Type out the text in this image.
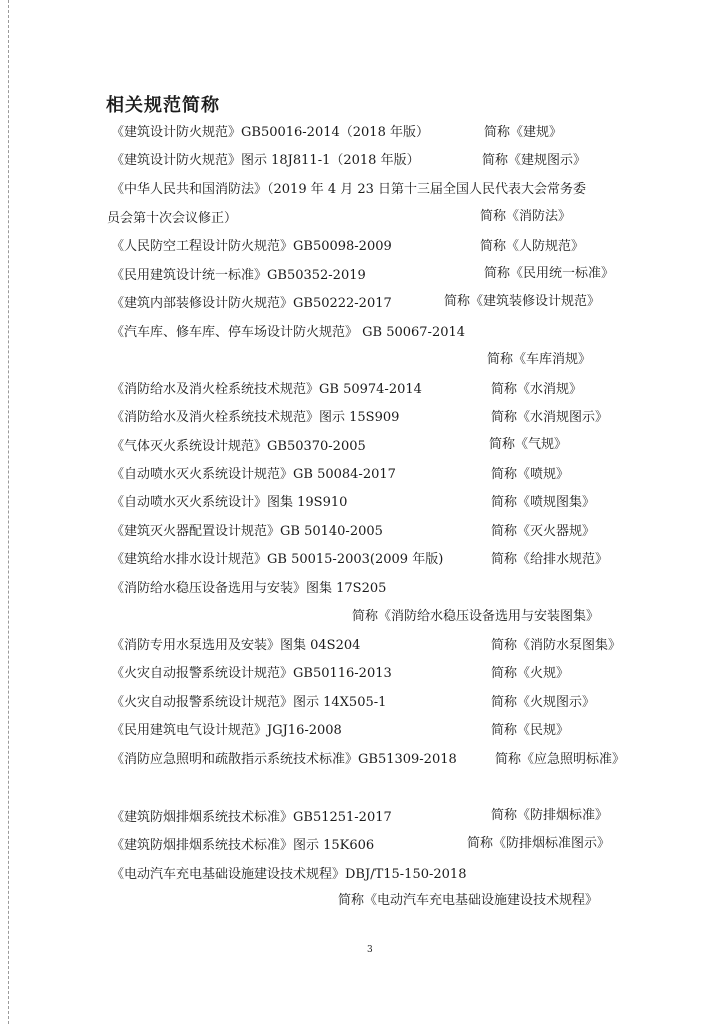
相关规范简称
《建筑设计防火规范》GB50016-2014（2018 年版）	简称《建规》
《建筑设计防火规范》图示 18J811-1（2018 年版）	简称《建规图示》
《中华人民共和国消防法》（2019 年 4 月 23 日第十三届全国人民代表大会常务委
员会第十次会议修正）	简称《消防法》
《人民防空工程设计防火规范》GB50098-2009	简称《人防规范》
《民用建筑设计统一标准》GB50352-2019	简称《民用统一标准》
《建筑内部装修设计防火规范》GB50222-2017	简称《建筑装修设计规范》
《汽车库、修车库、停车场设计防火规范》 GB 50067-2014
简称《车库消规》
《消防给水及消火栓系统技术规范》GB 50974-2014	简称《水消规》
《消防给水及消火栓系统技术规范》图示 15S909	简称《水消规图示》
《气体灭火系统设计规范》GB50370-2005	简称《气规》
《自动喷水灭火系统设计规范》GB 50084-2017	简称《喷规》
《自动喷水灭火系统设计》图集 19S910	简称《喷规图集》
《建筑灭火器配置设计规范》GB 50140-2005	简称《灭火器规》
《建筑给水排水设计规范》GB 50015-2003(2009 年版)	简称《给排水规范》
《消防给水稳压设备选用与安装》图集 17S205
简称《消防给水稳压设备选用与安装图集》
《消防专用水泵选用及安装》图集 04S204	简称《消防水泵图集》
《火灾自动报警系统设计规范》GB50116-2013	简称《火规》
《火灾自动报警系统设计规范》图示 14X505-1	简称《火规图示》
《民用建筑电气设计规范》JGJ16-2008	简称《民规》
《消防应急照明和疏散指示系统技术标准》GB51309-2018	简称《应急照明标准》
《建筑防烟排烟系统技术标准》GB51251-2017	简称《防排烟标准》
《建筑防烟排烟系统技术标准》图示 15K606	简称《防排烟标准图示》
《电动汽车充电基础设施建设技术规程》DBJ/T15-150-2018
简称《电动汽车充电基础设施建设技术规程》
3
